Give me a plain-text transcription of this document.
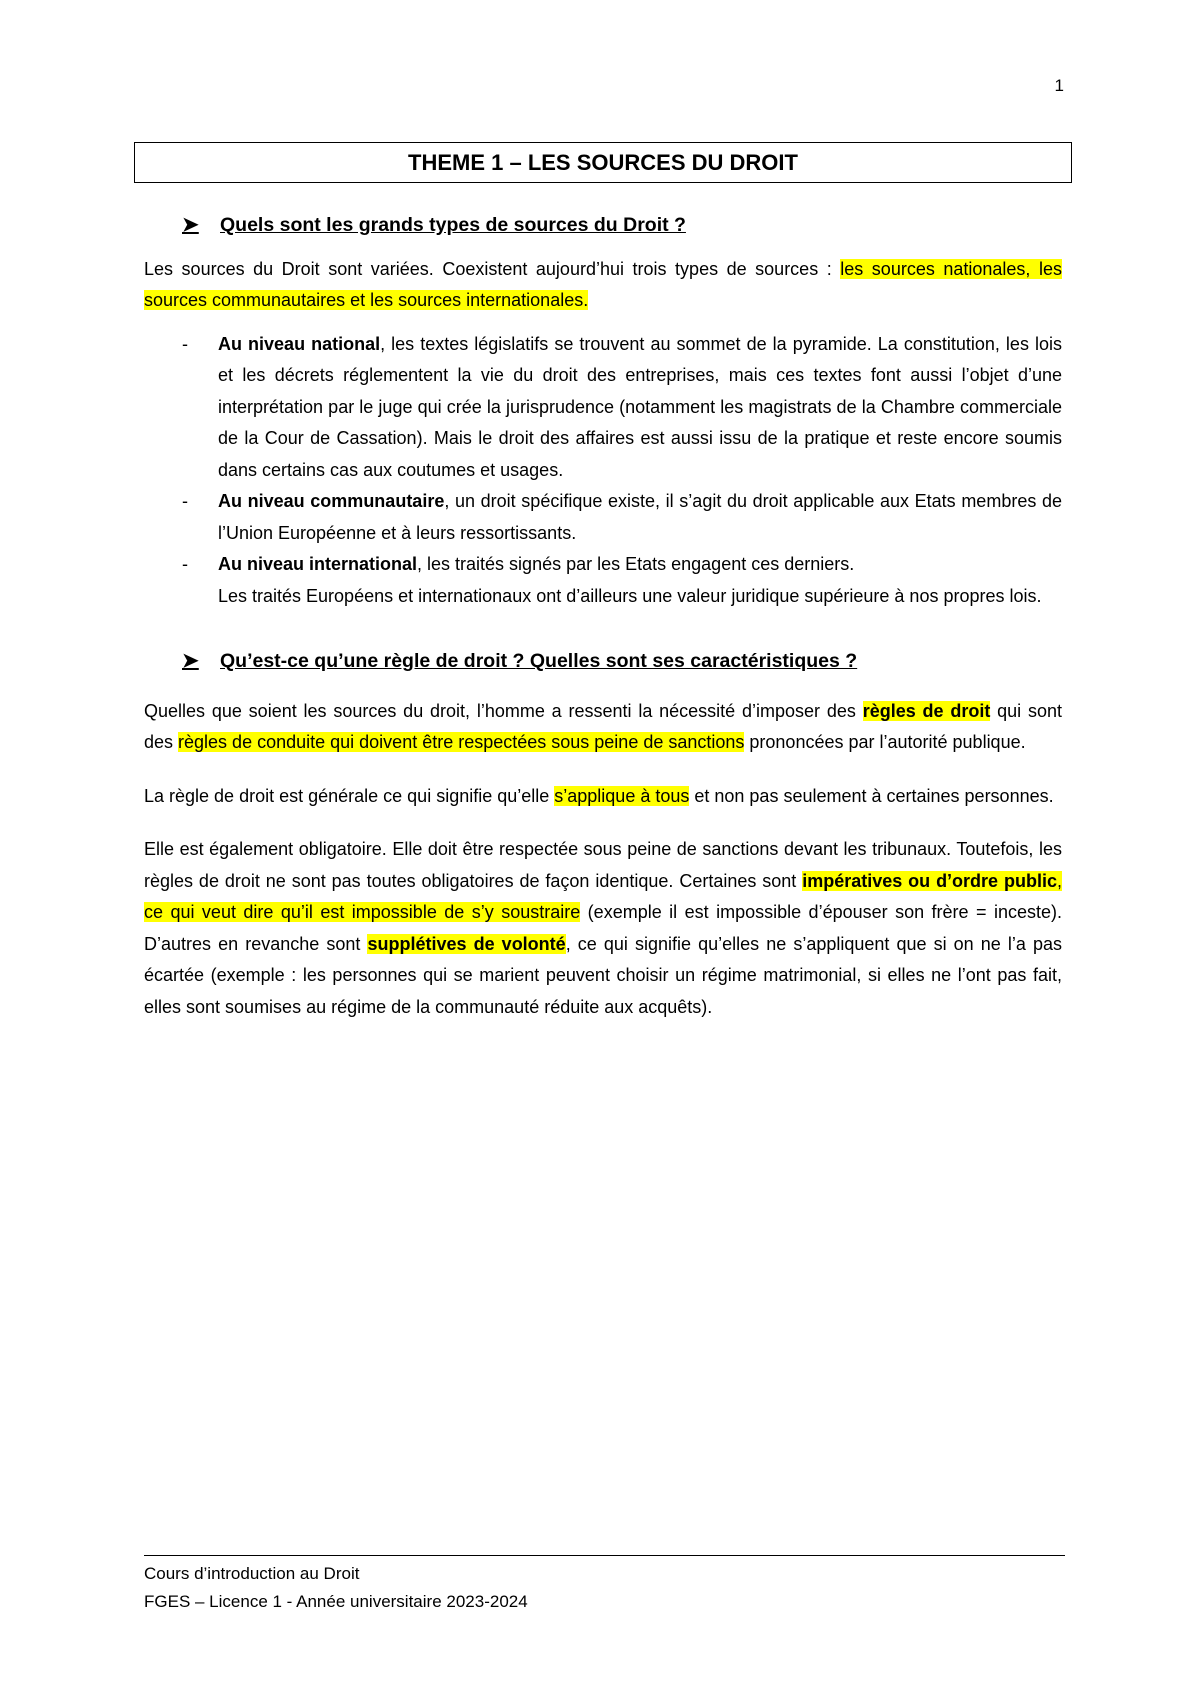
1
THEME 1 – LES SOURCES DU DROIT
➤	Quels sont les grands types de sources du Droit ?

Les sources du Droit sont variées. Coexistent aujourd’hui trois types de sources : les sources nationales, les sources communautaires et les sources internationales.

- Au niveau national, les textes législatifs se trouvent au sommet de la pyramide. La constitution, les lois et les décrets réglementent la vie du droit des entreprises, mais ces textes font aussi l’objet d’une interprétation par le juge qui crée la jurisprudence (notamment les magistrats de la Chambre commerciale de la Cour de Cassation). Mais le droit des affaires est aussi issu de la pratique et reste encore soumis dans certains cas aux coutumes et usages.
- Au niveau communautaire, un droit spécifique existe, il s’agit du droit applicable aux Etats membres de l’Union Européenne et à leurs ressortissants.
- Au niveau international, les traités signés par les Etats engagent ces derniers.
Les traités Européens et internationaux ont d’ailleurs une valeur juridique supérieure à nos propres lois.
➤	Qu’est-ce qu’une règle de droit ? Quelles sont ses caractéristiques ?

Quelles que soient les sources du droit, l’homme a ressenti la nécessité d’imposer des règles de droit qui sont des règles de conduite qui doivent être respectées sous peine de sanctions prononcées par l’autorité publique.

La règle de droit est générale ce qui signifie qu’elle s’applique à tous et non pas seulement à certaines personnes.

Elle est également obligatoire. Elle doit être respectée sous peine de sanctions devant les tribunaux. Toutefois, les règles de droit ne sont pas toutes obligatoires de façon identique. Certaines sont impératives ou d’ordre public, ce qui veut dire qu’il est impossible de s’y soustraire (exemple il est impossible d’épouser son frère = inceste). D’autres en revanche sont supplétives de volonté, ce qui signifie qu’elles ne s’appliquent que si on ne l’a pas écartée (exemple : les personnes qui se marient peuvent choisir un régime matrimonial, si elles ne l’ont pas fait, elles sont soumises au régime de la communauté réduite aux acquêts).

Cours d’introduction au Droit
FGES – Licence 1 - Année universitaire 2023-2024
